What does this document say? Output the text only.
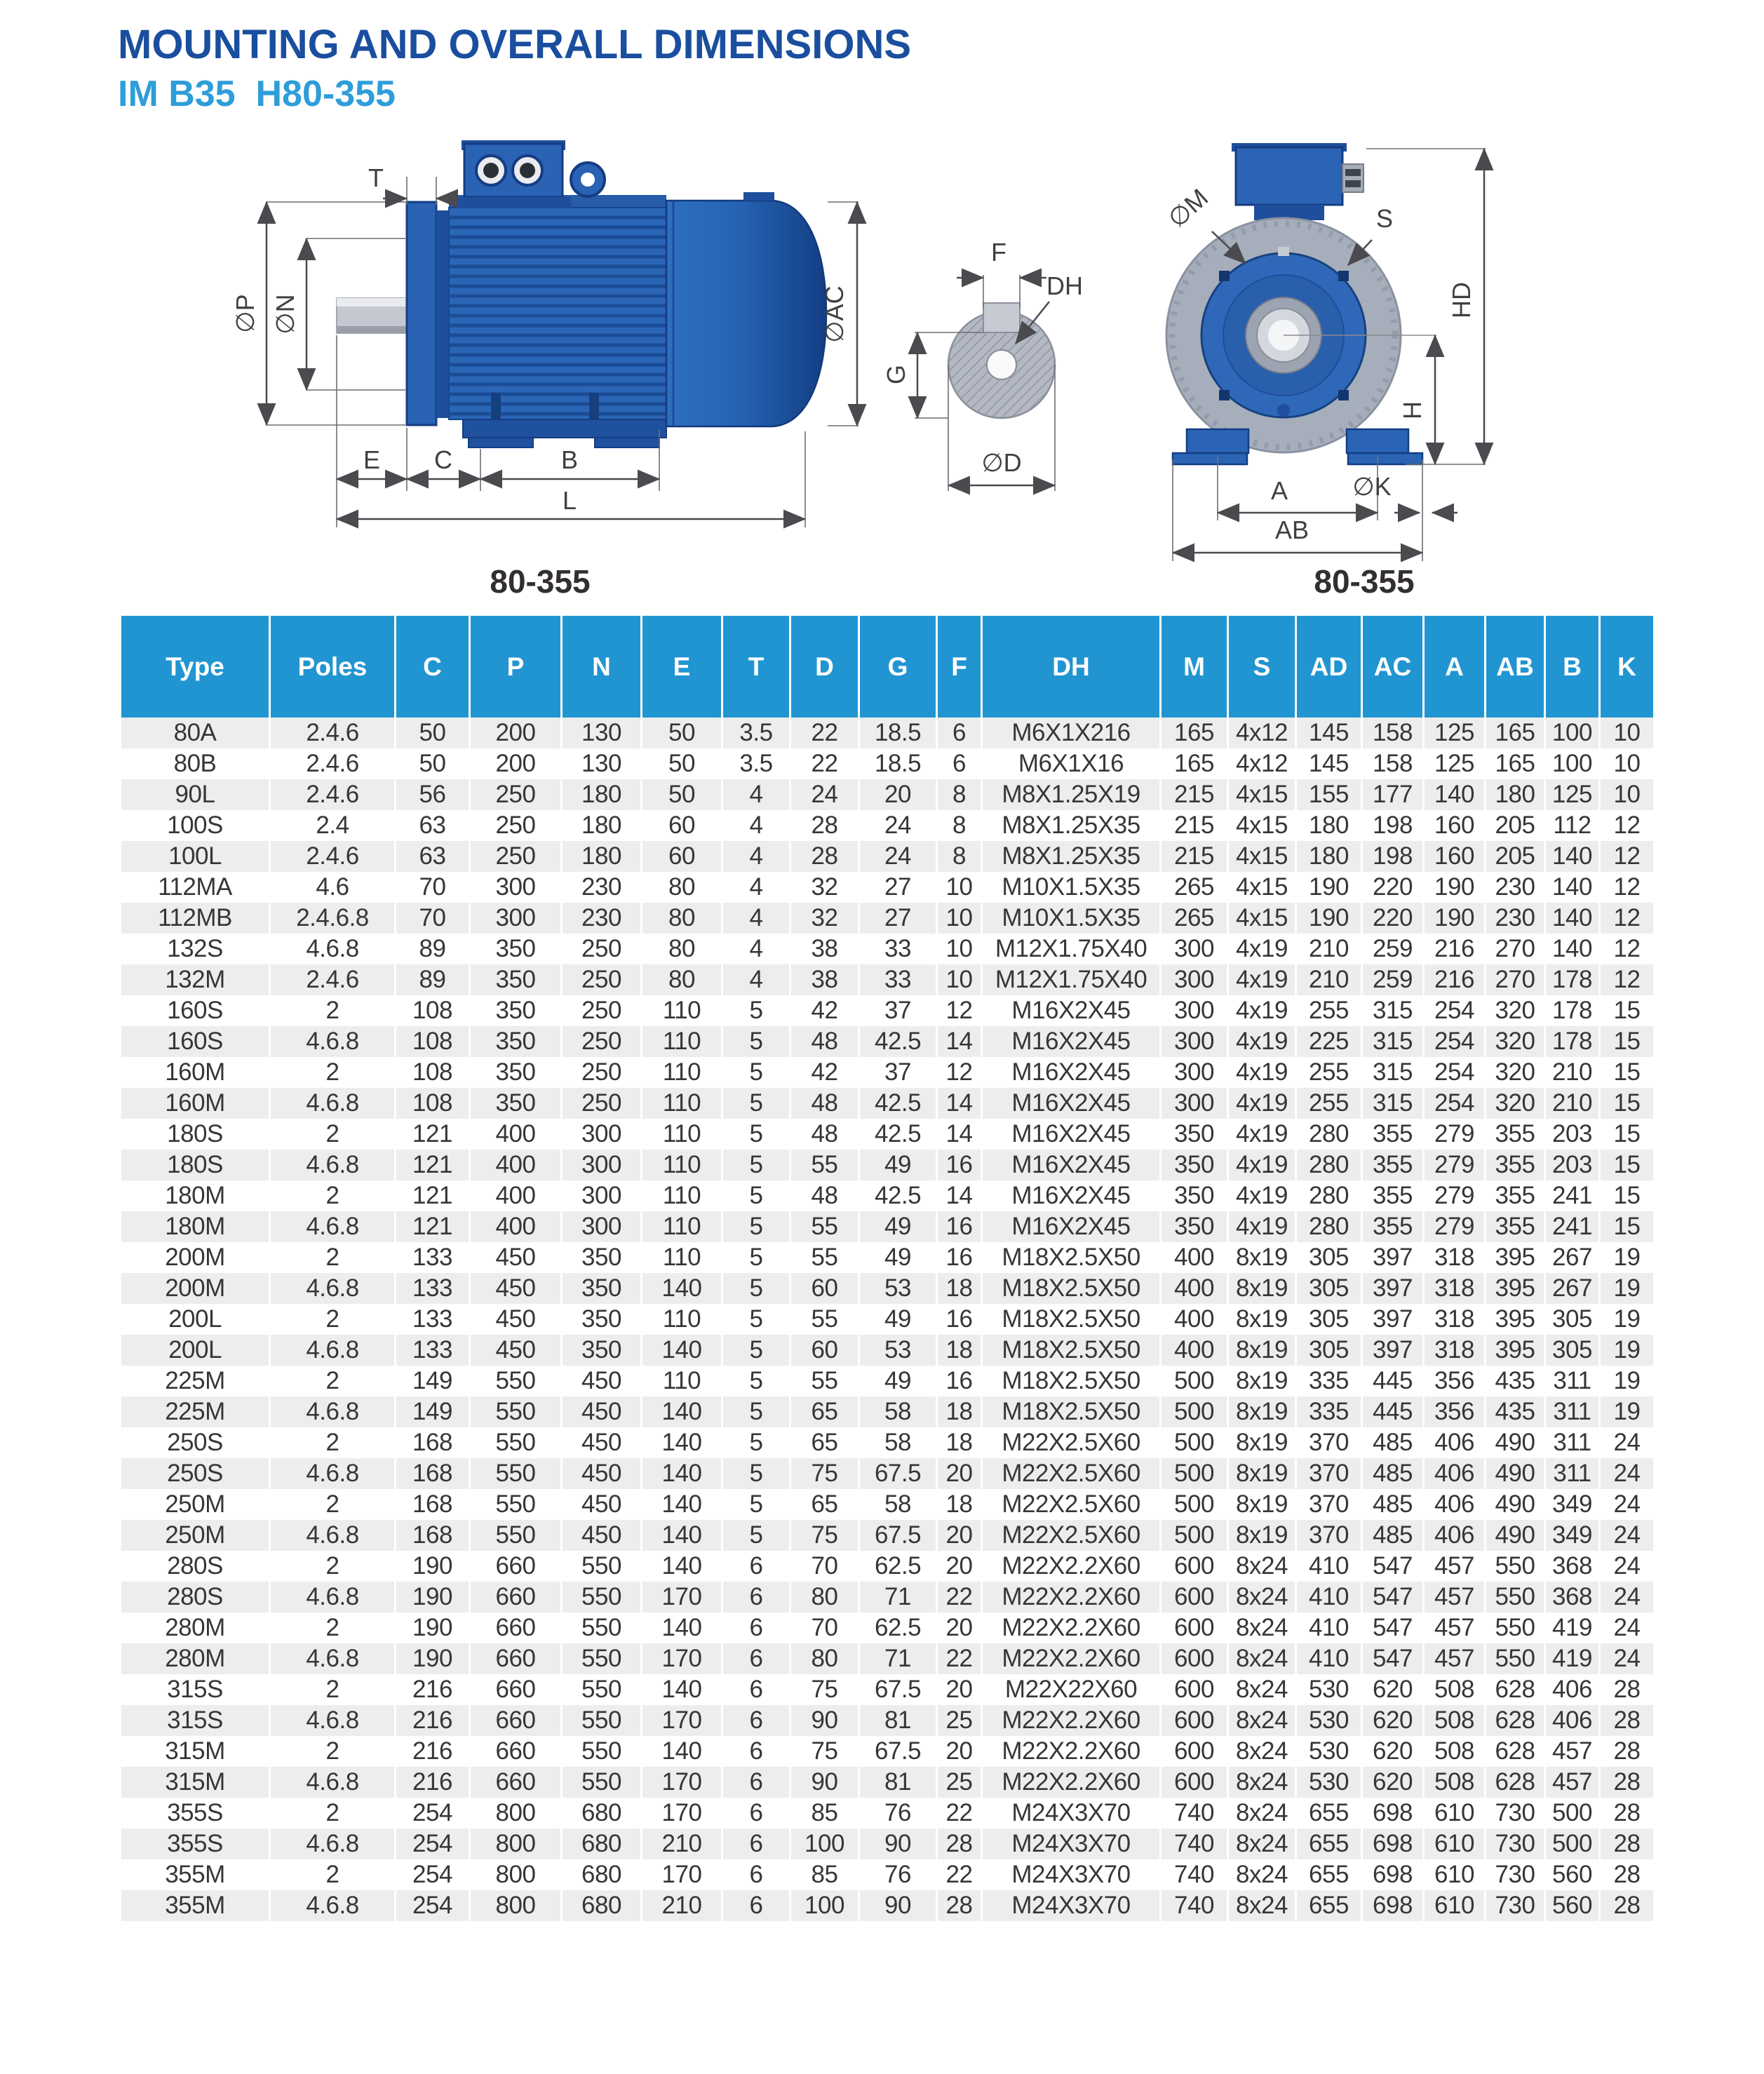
MOUNTING AND OVERALL DIMENSIONS
IM B35  H80-355
T
∅P ∅N	∅AC
E C	B
L
F
DH
G
∅D
∅M	S
HD
H
A	∅K
AB
80-355	80-355
Type	Poles	C	P	N	E	T	D	G	F	DH	M	S	AD	AC	A	AB	B	K
80A	2.4.6	50	200	130	50	3.5	22	18.5	6	M6X1X216	165	4x12	145	158	125	165	100	10
80B	2.4.6	50	200	130	50	3.5	22	18.5	6	M6X1X16	165	4x12	145	158	125	165	100	10
90L	2.4.6	56	250	180	50	4	24	20	8	M8X1.25X19	215	4x15	155	177	140	180	125	10
100S	2.4	63	250	180	60	4	28	24	8	M8X1.25X35	215	4x15	180	198	160	205	112	12
100L	2.4.6	63	250	180	60	4	28	24	8	M8X1.25X35	215	4x15	180	198	160	205	140	12
112MA	4.6	70	300	230	80	4	32	27	10	M10X1.5X35	265	4x15	190	220	190	230	140	12
112MB	2.4.6.8	70	300	230	80	4	32	27	10	M10X1.5X35	265	4x15	190	220	190	230	140	12
132S	4.6.8	89	350	250	80	4	38	33	10	M12X1.75X40	300	4x19	210	259	216	270	140	12
132M	2.4.6	89	350	250	80	4	38	33	10	M12X1.75X40	300	4x19	210	259	216	270	178	12
160S	2	108	350	250	110	5	42	37	12	M16X2X45	300	4x19	255	315	254	320	178	15
160S	4.6.8	108	350	250	110	5	48	42.5	14	M16X2X45	300	4x19	225	315	254	320	178	15
160M	2	108	350	250	110	5	42	37	12	M16X2X45	300	4x19	255	315	254	320	210	15
160M	4.6.8	108	350	250	110	5	48	42.5	14	M16X2X45	300	4x19	255	315	254	320	210	15
180S	2	121	400	300	110	5	48	42.5	14	M16X2X45	350	4x19	280	355	279	355	203	15
180S	4.6.8	121	400	300	110	5	55	49	16	M16X2X45	350	4x19	280	355	279	355	203	15
180M	2	121	400	300	110	5	48	42.5	14	M16X2X45	350	4x19	280	355	279	355	241	15
180M	4.6.8	121	400	300	110	5	55	49	16	M16X2X45	350	4x19	280	355	279	355	241	15
200M	2	133	450	350	110	5	55	49	16	M18X2.5X50	400	8x19	305	397	318	395	267	19
200M	4.6.8	133	450	350	140	5	60	53	18	M18X2.5X50	400	8x19	305	397	318	395	267	19
200L	2	133	450	350	110	5	55	49	16	M18X2.5X50	400	8x19	305	397	318	395	305	19
200L	4.6.8	133	450	350	140	5	60	53	18	M18X2.5X50	400	8x19	305	397	318	395	305	19
225M	2	149	550	450	110	5	55	49	16	M18X2.5X50	500	8x19	335	445	356	435	311	19
225M	4.6.8	149	550	450	140	5	65	58	18	M18X2.5X50	500	8x19	335	445	356	435	311	19
250S	2	168	550	450	140	5	65	58	18	M22X2.5X60	500	8x19	370	485	406	490	311	24
250S	4.6.8	168	550	450	140	5	75	67.5	20	M22X2.5X60	500	8x19	370	485	406	490	311	24
250M	2	168	550	450	140	5	65	58	18	M22X2.5X60	500	8x19	370	485	406	490	349	24
250M	4.6.8	168	550	450	140	5	75	67.5	20	M22X2.5X60	500	8x19	370	485	406	490	349	24
280S	2	190	660	550	140	6	70	62.5	20	M22X2.2X60	600	8x24	410	547	457	550	368	24
280S	4.6.8	190	660	550	170	6	80	71	22	M22X2.2X60	600	8x24	410	547	457	550	368	24
280M	2	190	660	550	140	6	70	62.5	20	M22X2.2X60	600	8x24	410	547	457	550	419	24
280M	4.6.8	190	660	550	170	6	80	71	22	M22X2.2X60	600	8x24	410	547	457	550	419	24
315S	2	216	660	550	140	6	75	67.5	20	M22X22X60	600	8x24	530	620	508	628	406	28
315S	4.6.8	216	660	550	170	6	90	81	25	M22X2.2X60	600	8x24	530	620	508	628	406	28
315M	2	216	660	550	140	6	75	67.5	20	M22X2.2X60	600	8x24	530	620	508	628	457	28
315M	4.6.8	216	660	550	170	6	90	81	25	M22X2.2X60	600	8x24	530	620	508	628	457	28
355S	2	254	800	680	170	6	85	76	22	M24X3X70	740	8x24	655	698	610	730	500	28
355S	4.6.8	254	800	680	210	6	100	90	28	M24X3X70	740	8x24	655	698	610	730	500	28
355M	2	254	800	680	170	6	85	76	22	M24X3X70	740	8x24	655	698	610	730	560	28
355M	4.6.8	254	800	680	210	6	100	90	28	M24X3X70	740	8x24	655	698	610	730	560	28
